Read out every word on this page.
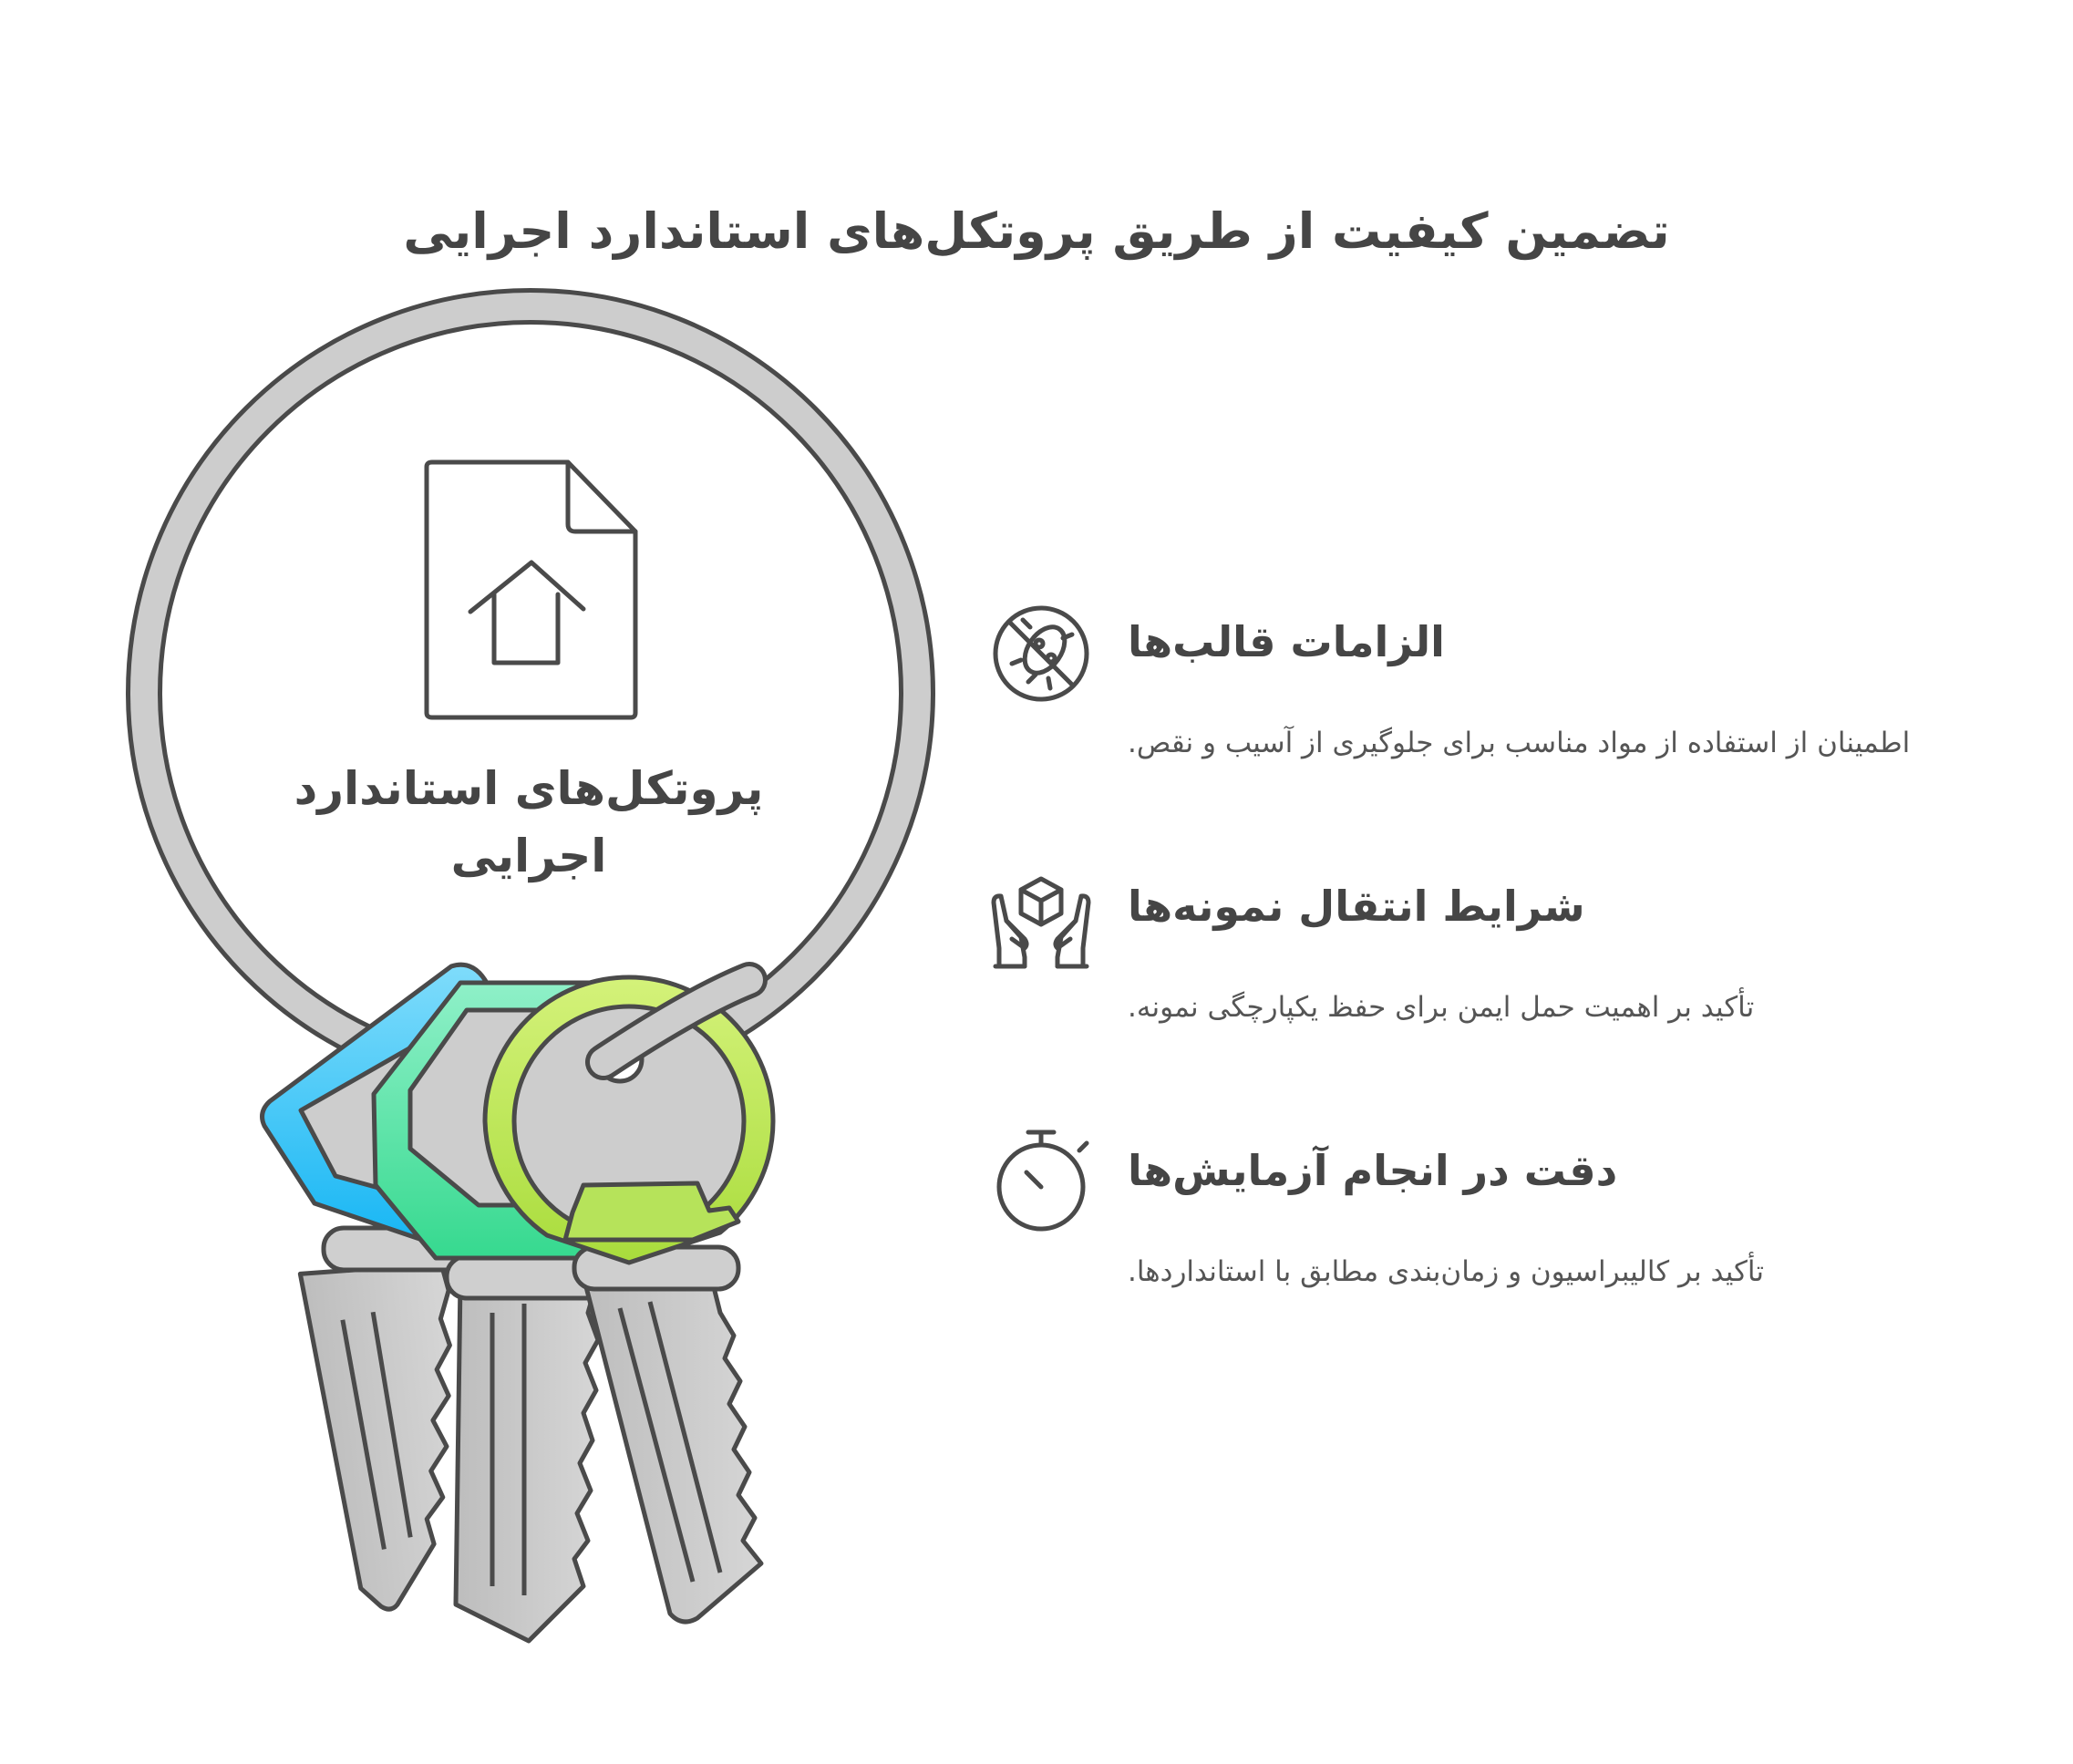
تضمین کیفیت از طریق پروتکل‌های استاندارد اجرایی
پروتکل‌های استاندارد
اجرایی
الزامات قالب‌ها
اطمینان از استفاده از مواد مناسب برای جلوگیری از آسیب و نقص.
شرایط انتقال نمونه‌ها
تأکید بر اهمیت حمل ایمن برای حفظ یکپارچگی نمونه.
دقت در انجام آزمایش‌ها
تأکید بر کالیبراسیون و زمان‌بندی مطابق با استانداردها.
